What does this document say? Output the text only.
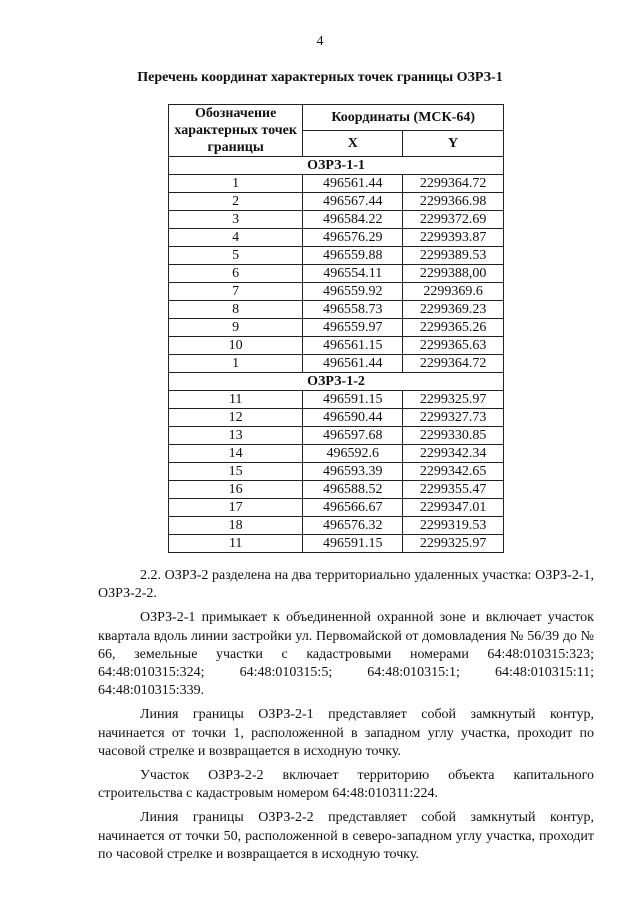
4
Перечень координат характерных точек границы ОЗРЗ-1
Обозначение характерных точек границы	Координаты (МСК-64)	
	X	Y
ОЗРЗ-1-1		
1	496561.44	2299364.72
2	496567.44	2299366.98
3	496584.22	2299372.69
4	496576.29	2299393.87
5	496559.88	2299389.53
6	496554.11	2299388,00
7	496559.92	2299369.6
8	496558.73	2299369.23
9	496559.97	2299365.26
10	496561.15	2299365.63
1	496561.44	2299364.72
ОЗРЗ-1-2		
11	496591.15	2299325.97
12	496590.44	2299327.73
13	496597.68	2299330.85
14	496592.6	2299342.34
15	496593.39	2299342.65
16	496588.52	2299355.47
17	496566.67	2299347.01
18	496576.32	2299319.53
11	496591.15	2299325.97

2.2. ОЗРЗ-2 разделена на два территориально удаленных участка: ОЗРЗ-2-1, ОЗРЗ-2-2.

ОЗРЗ-2-1 примыкает к объединенной охранной зоне и включает участок квартала вдоль линии застройки ул. Первомайской от домовладения № 56/39 до № 66, земельные участки с кадастровыми номерами 64:48:010315:323; 64:48:010315:324; 64:48:010315:5; 64:48:010315:1; 64:48:010315:11; 64:48:010315:339.

Линия границы ОЗРЗ-2-1 представляет собой замкнутый контур, начинается от точки 1, расположенной в западном углу участка, проходит по часовой стрелке и возвращается в исходную точку.

Участок ОЗРЗ-2-2 включает территорию объекта капитального строительства с кадастровым номером 64:48:010311:224.

Линия границы ОЗРЗ-2-2 представляет собой замкнутый контур, начинается от точки 50, расположенной в северо-западном углу участка, проходит по часовой стрелке и возвращается в исходную точку.
